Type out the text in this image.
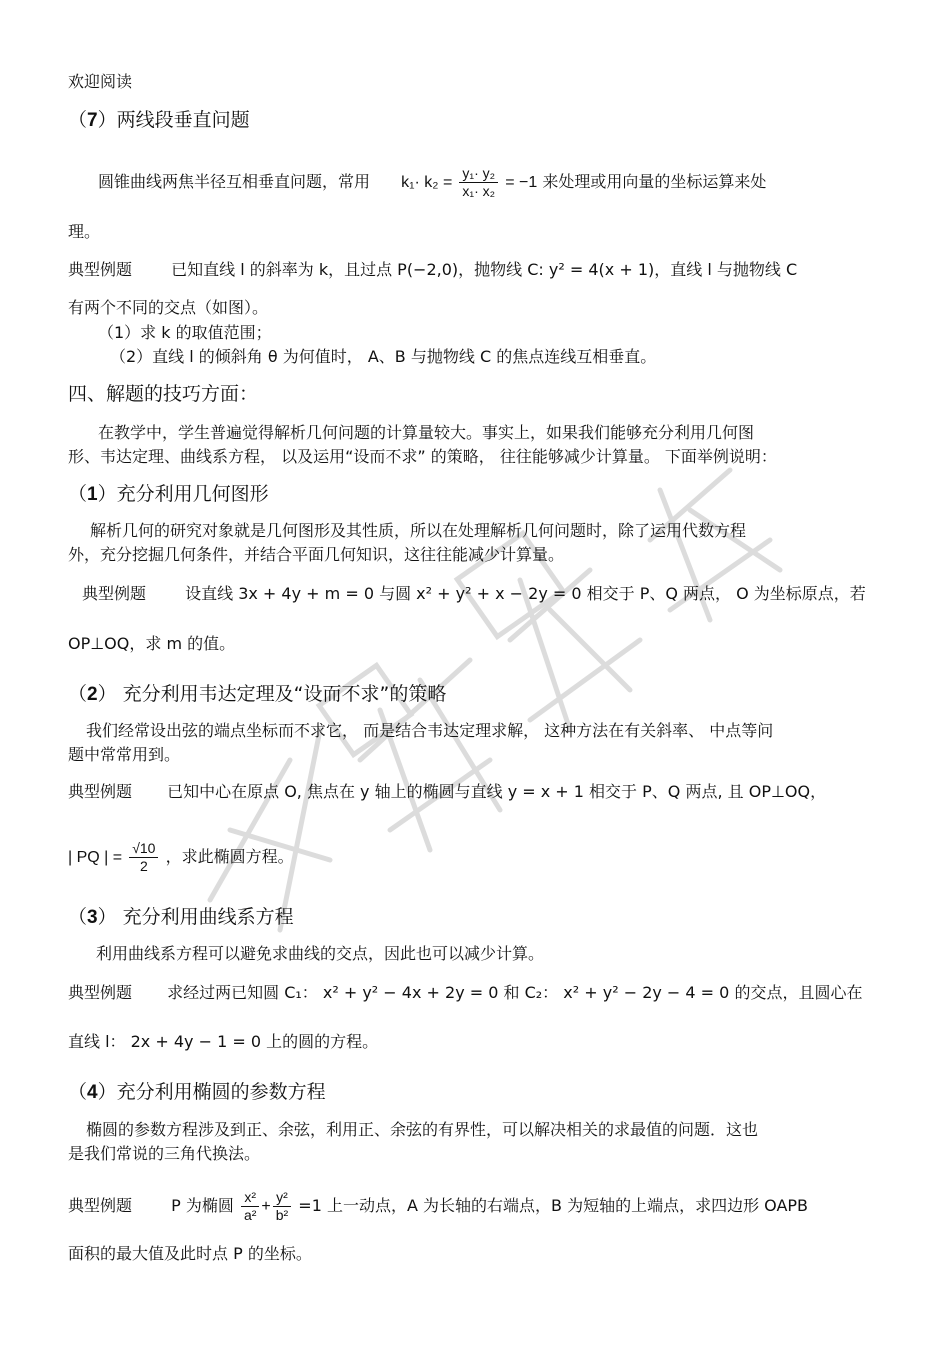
欢迎阅读
（7）两线段垂直问题
圆锥曲线两焦半径互相垂直问题，常用 $k_1\cdot k_2 = \frac{\text{y₁· y₂}}{\text{x₁· x₂}} = -1$ 来处理或用向量的坐标运算来处
理。
典型例题 已知直线 l 的斜率为 k，且过点 P(−2,0)，抛物线 C: y² = 4(x + 1)，直线 l 与抛物线 C
有两个不同的交点（如图）。
（1）求 k 的取值范围；
（2）直线 l 的倾斜角 θ 为何值时， A、B 与抛物线 C 的焦点连线互相垂直。
四、解题的技巧方面：
在教学中，学生普遍觉得解析几何问题的计算量较大。事实上，如果我们能够充分利用几何图
形、韦达定理、曲线系方程， 以及运用“设而不求” 的策略， 往往能够减少计算量。 下面举例说明：
（1）充分利用几何图形
解析几何的研究对象就是几何图形及其性质，所以在处理解析几何问题时，除了运用代数方程
外，充分挖掘几何条件，并结合平面几何知识，这往往能减少计算量。
典型例题 设直线 3x + 4y + m = 0 与圆 x² + y² + x − 2y = 0 相交于 P、Q 两点， O 为坐标原点，若
OP⊥OQ，求 m 的值。
（2） 充分利用韦达定理及“设而不求”的策略
我们经常设出弦的端点坐标而不求它， 而是结合韦达定理求解， 这种方法在有关斜率、 中点等问
题中常常用到。
典型例题 已知中心在原点 O, 焦点在 y 轴上的椭圆与直线 y = x + 1 相交于 P、Q 两点, 且 OP⊥OQ，
| PQ | = $\frac{√10}{2}$ ，求此椭圆方程。
（3） 充分利用曲线系方程
利用曲线系方程可以避免求曲线的交点，因此也可以减少计算。
典型例题 求经过两已知圆 C₁： x² + y² − 4x + 2y = 0 和 C₂： x² + y² − 2y − 4 = 0 的交点，且圆心在
直线 l： 2x + 4y − 1 = 0 上的圆的方程。
（4）充分利用椭圆的参数方程
椭圆的参数方程涉及到正、余弦，利用正、余弦的有界性，可以解决相关的求最值的问题．这也
是我们常说的三角代换法。
典型例题 P 为椭圆 $\frac{\text{x²}}{\text{a²}} + \frac{\text{y²}}{\text{b²}} =1$ 上一动点，A 为长轴的右端点，B 为短轴的上端点，求四边形 OAPB
面积的最大值及此时点 P 的坐标。
